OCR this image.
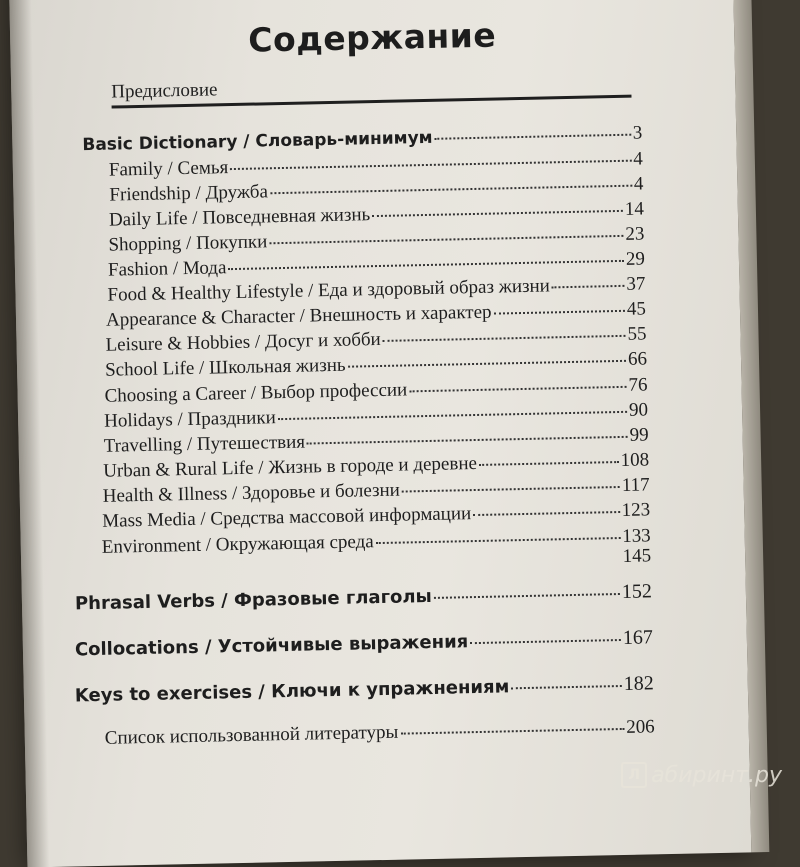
Содержание
Предисловие
Basic Dictionary / Словарь-минимум	3
Family / Семья	4
Friendship / Дружба	4
Daily Life / Повседневная жизнь	14
Shopping / Покупки	23
Fashion / Мода	29
Food & Healthy Lifestyle / Еда и здоровый образ жизни	37
Appearance & Character / Внешность и характер	45
Leisure & Hobbies / Досуг и хобби	55
School Life / Школьная жизнь	66
Choosing a Career / Выбор профессии	76
Holidays / Праздники	90
Travelling / Путешествия	99
Urban & Rural Life / Жизнь в городе и деревне	108
Health & Illness / Здоровье и болезни	117
Mass Media / Средства массовой информации	123
Environment / Окружающая среда	133
145
Phrasal Verbs / Фразовые глаголы	152
Collocations / Устойчивые выражения	167
Keys to exercises / Ключи к упражнениям	182
Список использованной литературы	206
Л абиринт.ру
